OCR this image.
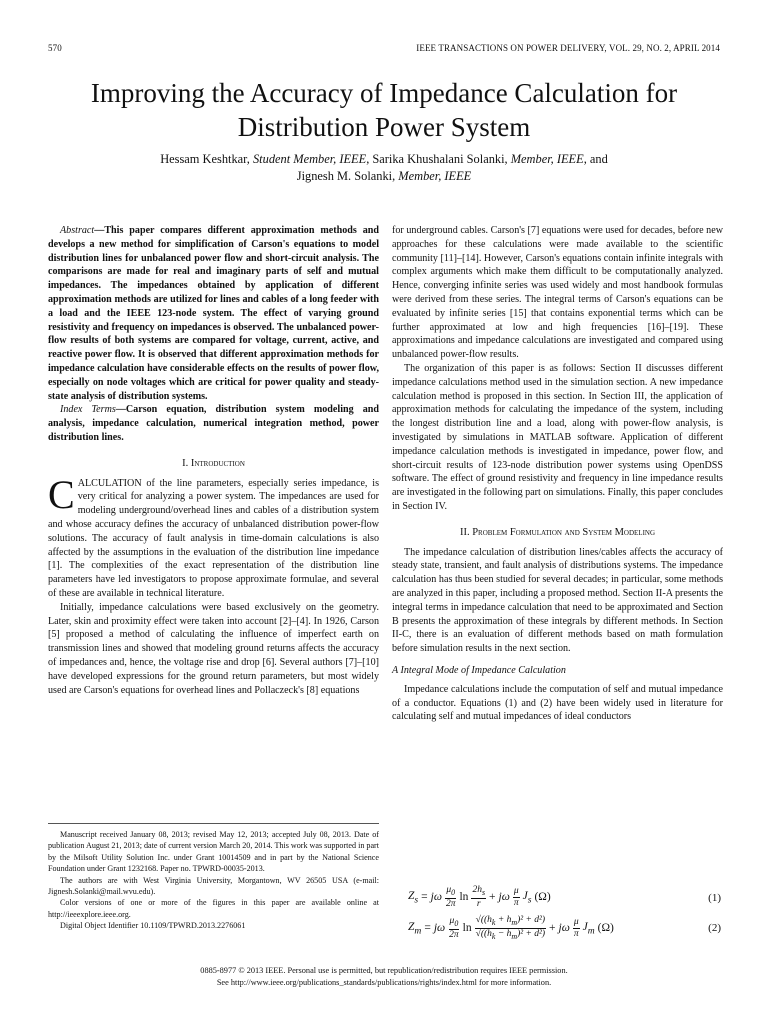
570	IEEE TRANSACTIONS ON POWER DELIVERY, VOL. 29, NO. 2, APRIL 2014
Improving the Accuracy of Impedance Calculation for Distribution Power System
Hessam Keshtkar, Student Member, IEEE, Sarika Khushalani Solanki, Member, IEEE, and
Jignesh M. Solanki, Member, IEEE

Abstract—This paper compares different approximation methods and develops a new method for simplification of Carson's equations to model distribution lines for unbalanced power flow and short-circuit analysis. The comparisons are made for real and imaginary parts of self and mutual impedances. The impedances obtained by application of different approximation methods are utilized for lines and cables of a long feeder with a load and the IEEE 123-node system. The effect of varying ground resistivity and frequency on impedances is observed. The unbalanced power-flow results of both systems are compared for voltage, current, active, and reactive power flow. It is observed that different approximation methods for impedance calculation have considerable effects on the results of power flow, especially on node voltages which are critical for power quality and steady-state analysis of distribution systems.

Index Terms—Carson equation, distribution system modeling and analysis, impedance calculation, numerical integration method, power distribution lines.

I. Introduction

CALCULATION of the line parameters, especially series impedance, is very critical for analyzing a power system. The impedances are used for modeling underground/overhead lines and cables of a distribution system and whose accuracy defines the accuracy of unbalanced distribution power-flow solutions. The accuracy of fault analysis in time-domain calculations is also affected by the assumptions in the evaluation of the distribution line impedance [1]. The complexities of the exact representation of the distribution line parameters have led investigators to propose approximate formulae, and several of these are available in technical literature.

Initially, impedance calculations were based exclusively on the geometry. Later, skin and proximity effect were taken into account [2]–[4]. In 1926, Carson [5] proposed a method of calculating the influence of imperfect earth on transmission lines and showed that modeling ground returns affects the accuracy of impedances and, hence, the voltage rise and drop [6]. Several authors [7]–[10] have developed expressions for the ground return parameters, but most widely used are Carson's equations for overhead lines and Pollaczeck's [8] equations

for underground cables. Carson's [7] equations were used for decades, before new approaches for these calculations were made available to the scientific community [11]–[14]. However, Carson's equations contain infinite integrals with complex arguments which make them difficult to be computationally analyzed. Hence, converging infinite series was used widely and most handbook formulas were derived from these series. The integral terms of Carson's equations can be evaluated by infinite series [15] that contains exponential terms which can be further approximated at low and high frequencies [16]–[19]. These approximations and impedance calculations are investigated and compared using unbalanced power-flow results.

The organization of this paper is as follows: Section II discusses different impedance calculations method used in the simulation section. A new impedance calculation method is proposed in this section. In Section III, the application of approximation methods for calculating the impedance of the system, including the longest distribution line and a load, along with power-flow analysis, is investigated by simulations in MATLAB software. Application of different impedance calculation methods is investigated in impedance, power flow, and short-circuit results of 123-node distribution power systems using OpenDSS software. The effect of ground resistivity and frequency in line impedance results are investigated in the following part on simulations. Finally, this paper concludes in Section IV.

II. Problem Formulation and System Modeling

The impedance calculation of distribution lines/cables affects the accuracy of steady state, transient, and fault analysis of distributions systems. The impedance calculation has thus been studied for several decades; in particular, some methods are analyzed in this paper, including a proposed method. Section II-A presents the integral terms in impedance calculation that need to be approximated and Section B presents the approximation of these integrals by different methods. In Section II-C, there is an evaluation of different methods based on math formulation before simulation results in the next section.

A Integral Mode of Impedance Calculation

Impedance calculations include the computation of self and mutual impedance of a conductor. Equations (1) and (2) have been widely used in literature for calculating self and mutual impedances of ideal conductors

$Z_s = j\omega \frac{\mu_0}{2\pi}$ $\ln \frac{2h_s}{r} + j\omega \frac{\mu}{\pi} J_s$ (Ω)	(1)
$Z_m = j\omega \frac{\mu_0}{2\pi}$ $\ln \frac{√((h_k + h_m)^2 + d^2)}{√((h_k - h_m)^2 + d^2)} + j\omega \frac{\mu}{\pi} J_m$ (Ω)	(2)

Manuscript received January 08, 2013; revised May 12, 2013; accepted July 08, 2013. Date of publication August 21, 2013; date of current version March 20, 2014. This work was supported in part by the Milsoft Utility Solution Inc. under Grant 10014509 and in part by the National Science Foundation under Grant 1232168. Paper no. TPWRD-00035-2013.

The authors are with West Virginia University, Morgantown, WV 26505 USA (e-mail: Jignesh.Solanki@mail.wvu.edu).

Color versions of one or more of the figures in this paper are available online at http://ieeexplore.ieee.org.

Digital Object Identifier 10.1109/TPWRD.2013.2276061

0885-8977 © 2013 IEEE. Personal use is permitted, but republication/redistribution requires IEEE permission.
See http://www.ieee.org/publications_standards/publications/rights/index.html for more information.
